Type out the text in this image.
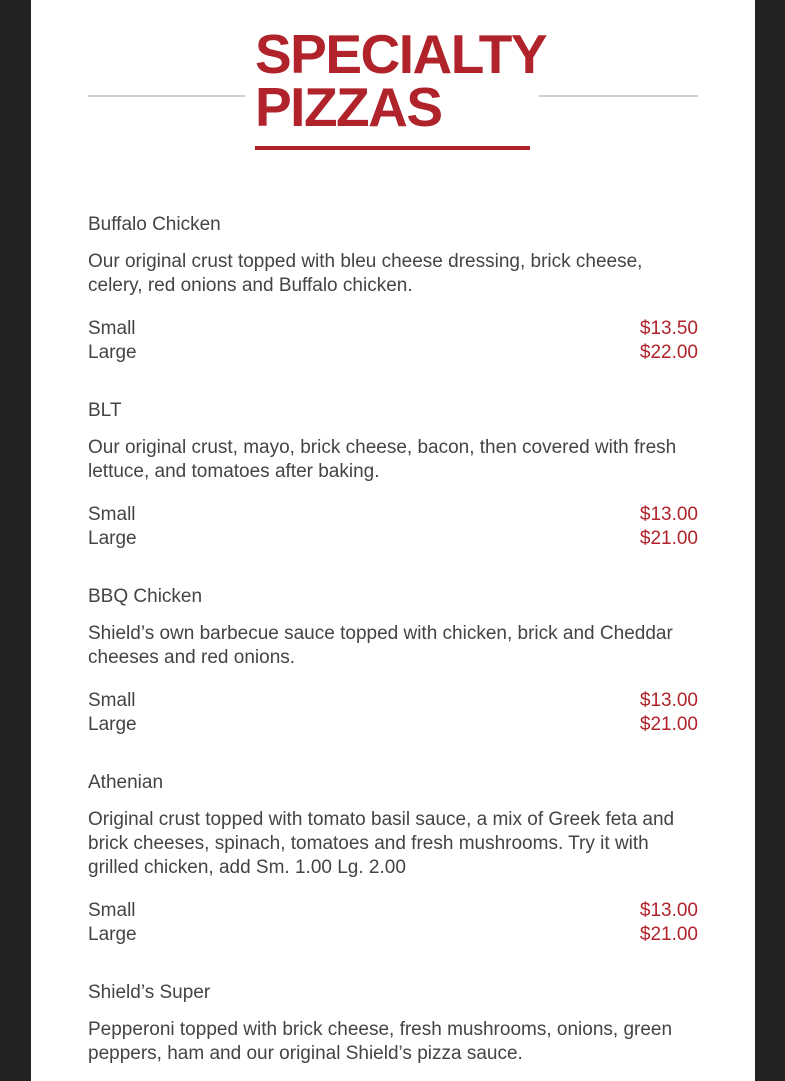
SPECIALTY
PIZZAS
Buffalo Chicken
Our original crust topped with bleu cheese dressing, brick cheese, celery, red onions and Buffalo chicken.
Small	$13.50
Large	$22.00
BLT
Our original crust, mayo, brick cheese, bacon, then covered with fresh lettuce, and tomatoes after baking.
Small	$13.00
Large	$21.00
BBQ Chicken
Shield’s own barbecue sauce topped with chicken, brick and Cheddar cheeses and red onions.
Small	$13.00
Large	$21.00
Athenian
Original crust topped with tomato basil sauce, a mix of Greek feta and brick cheeses, spinach, tomatoes and fresh mushrooms. Try it with grilled chicken, add Sm. 1.00 Lg. 2.00
Small	$13.00
Large	$21.00
Shield’s Super
Pepperoni topped with brick cheese, fresh mushrooms, onions, green peppers, ham and our original Shield’s pizza sauce.
